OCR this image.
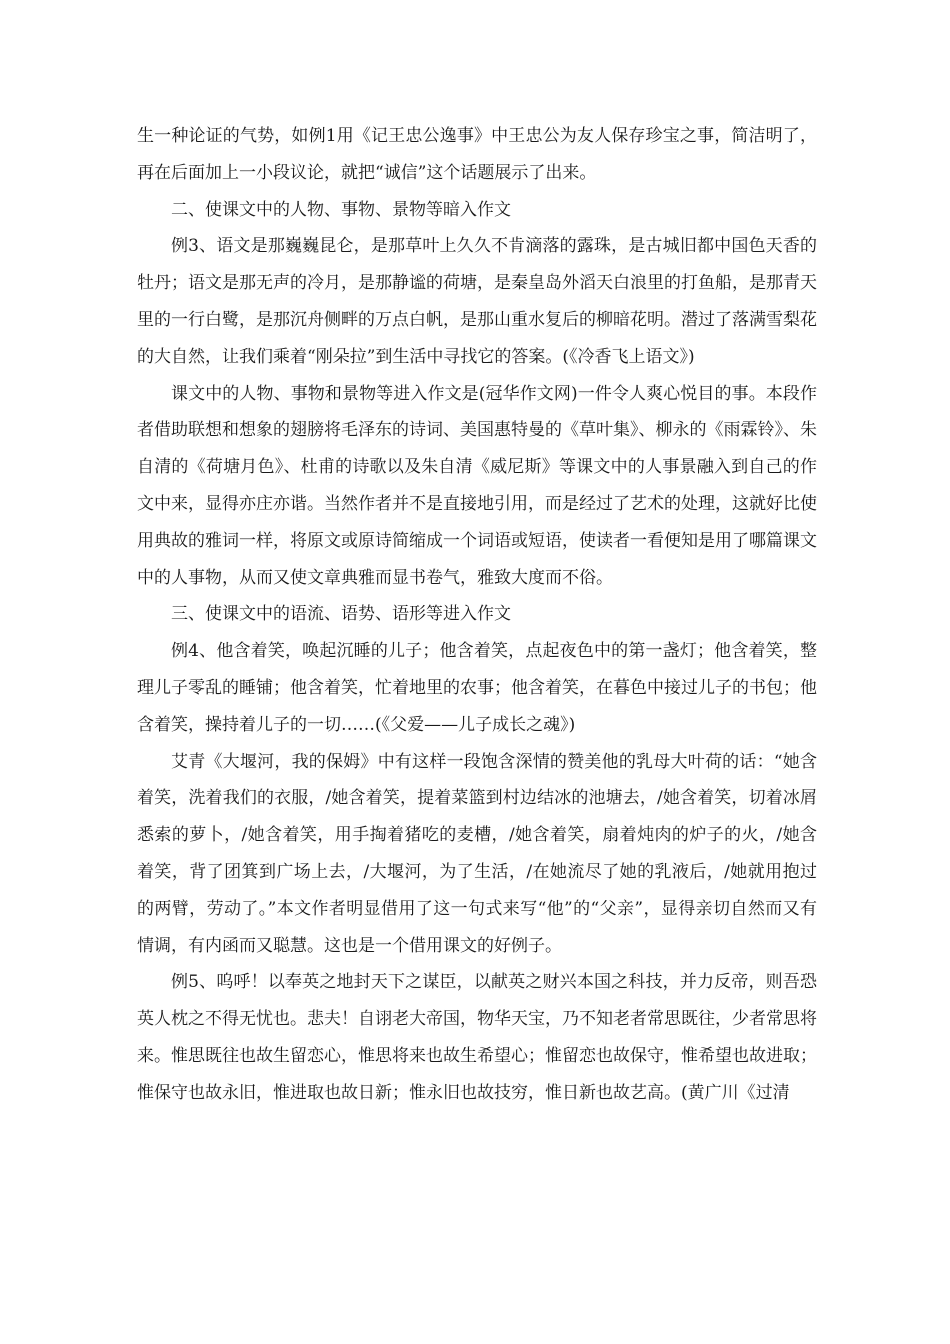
生一种论证的气势，如例1用《记王忠公逸事》中王忠公为友人保存珍宝之事，简洁明了，再在后面加上一小段议论，就把“诚信”这个话题展示了出来。

二、使课文中的人物、事物、景物等暗入作文

例3、语文是那巍巍昆仑，是那草叶上久久不肯滴落的露珠，是古城旧都中国色天香的牡丹；语文是那无声的冷月，是那静谧的荷塘，是秦皇岛外滔天白浪里的打鱼船，是那青天里的一行白鹭，是那沉舟侧畔的万点白帆，是那山重水复后的柳暗花明。潜过了落满雪梨花的大自然，让我们乘着“刚朵拉”到生活中寻找它的答案。(《冷香飞上语文》)

课文中的人物、事物和景物等进入作文是(冠华作文网)一件令人爽心悦目的事。本段作者借助联想和想象的翅膀将毛泽东的诗词、美国惠特曼的《草叶集》、柳永的《雨霖铃》、朱自清的《荷塘月色》、杜甫的诗歌以及朱自清《威尼斯》等课文中的人事景融入到自己的作文中来，显得亦庄亦谐。当然作者并不是直接地引用，而是经过了艺术的处理，这就好比使用典故的雅词一样，将原文或原诗简缩成一个词语或短语，使读者一看便知是用了哪篇课文中的人事物，从而又使文章典雅而显书卷气，雅致大度而不俗。

三、使课文中的语流、语势、语形等进入作文

例4、他含着笑，唤起沉睡的儿子；他含着笑，点起夜色中的第一盏灯；他含着笑，整理儿子零乱的睡铺；他含着笑，忙着地里的农事；他含着笑，在暮色中接过儿子的书包；他含着笑，操持着儿子的一切……(《父爱——儿子成长之魂》)

艾青《大堰河，我的保姆》中有这样一段饱含深情的赞美他的乳母大叶荷的话：“她含着笑，洗着我们的衣服，/她含着笑，提着菜篮到村边结冰的池塘去，/她含着笑，切着冰屑悉索的萝卜，/她含着笑，用手掏着猪吃的麦槽，/她含着笑，扇着炖肉的炉子的火，/她含着笑，背了团箕到广场上去，/大堰河，为了生活，/在她流尽了她的乳液后，/她就用抱过的两臂，劳动了。”本文作者明显借用了这一句式来写“他”的“父亲”，显得亲切自然而又有情调，有内函而又聪慧。这也是一个借用课文的好例子。

例5、呜呼！以奉英之地封天下之谋臣，以献英之财兴本国之科技，并力反帝，则吾恐英人枕之不得无忧也。悲夫！自诩老大帝国，物华天宝，乃不知老者常思既往，少者常思将来。惟思既往也故生留恋心，惟思将来也故生希望心；惟留恋也故保守，惟希望也故进取；惟保守也故永旧，惟进取也故日新；惟永旧也故技穷，惟日新也故艺高。(黄广川《过清
